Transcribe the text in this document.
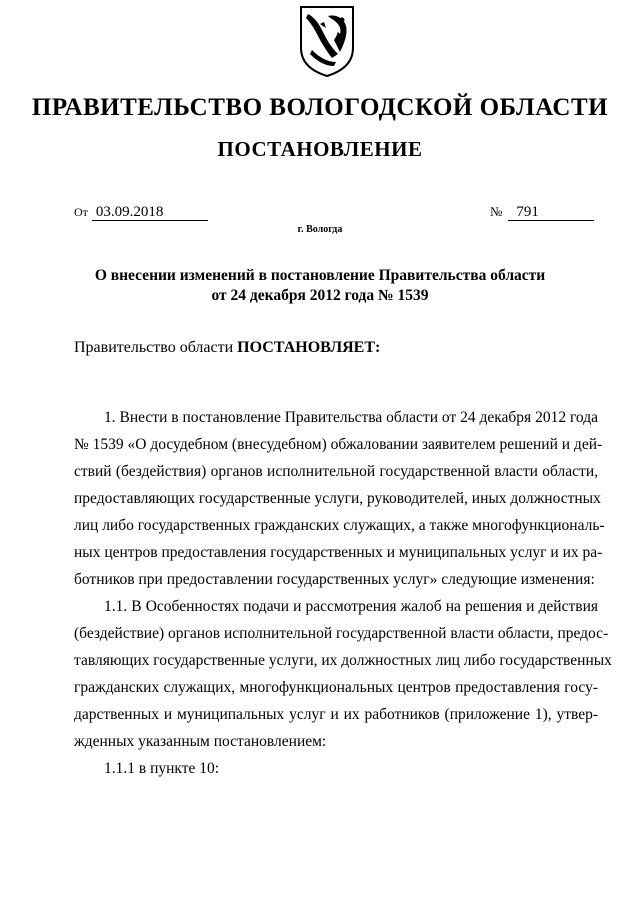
ПРАВИТЕЛЬСТВО ВОЛОГОДСКОЙ ОБЛАСТИ
ПОСТАНОВЛЕНИЕ
От 03.09.2018	№ 791
г. Вологда
О внесении изменений в постановление Правительства области
от 24 декабря 2012 года № 1539
Правительство области ПОСТАНОВЛЯЕТ:
1. Внести в постановление Правительства области от 24 декабря 2012 года
№ 1539 «О досудебном (внесудебном) обжаловании заявителем решений и дей-
ствий (бездействия) органов исполнительной государственной власти области,
предоставляющих государственные услуги, руководителей, иных должностных
лиц либо государственных гражданских служащих, а также многофункциональ-
ных центров предоставления государственных и муниципальных услуг и их ра-
ботников при предоставлении государственных услуг» следующие изменения:
1.1. В Особенностях подачи и рассмотрения жалоб на решения и действия
(бездействие) органов исполнительной государственной власти области, предос-
тавляющих государственные услуги, их должностных лиц либо государственных
гражданских служащих, многофункциональных центров предоставления госу-
дарственных и муниципальных услуг и их работников (приложение 1), утвер-
жденных указанным постановлением:
1.1.1 в пункте 10:
